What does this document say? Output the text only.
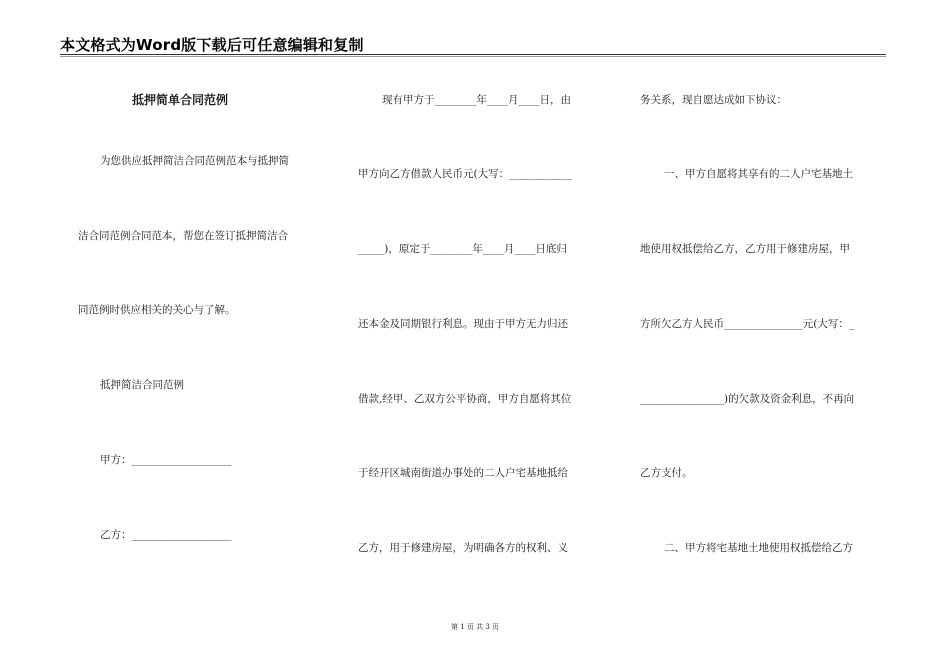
本文格式为Word版下载后可任意编辑和复制
抵押简单合同范例
为您供应抵押简洁合同范例范本与抵押简
洁合同范例合同范本，帮您在签订抵押简洁合
同范例时供应相关的关心与了解。
抵押简洁合同范例
甲方：___________________
乙方：___________________
现有甲方于________年____月____日，由
甲方向乙方借款人民币元(大写：____________
_____)，原定于________年____月____日底归
还本金及同期银行利息。现由于甲方无力归还
借款,经甲、乙双方公平协商，甲方自愿将其位
于经开区城南街道办事处的二人户宅基地抵给
乙方，用于修建房屋，为明确各方的权利、义
务关系，现自愿达成如下协议：
一、甲方自愿将其享有的二人户宅基地土
地使用权抵偿给乙方，乙方用于修建房屋，甲
方所欠乙方人民币_______________元(大写：_
________________)的欠款及资金利息，不再向
乙方支付。
二、甲方将宅基地土地使用权抵偿给乙方
第 1 页 共 3 页
